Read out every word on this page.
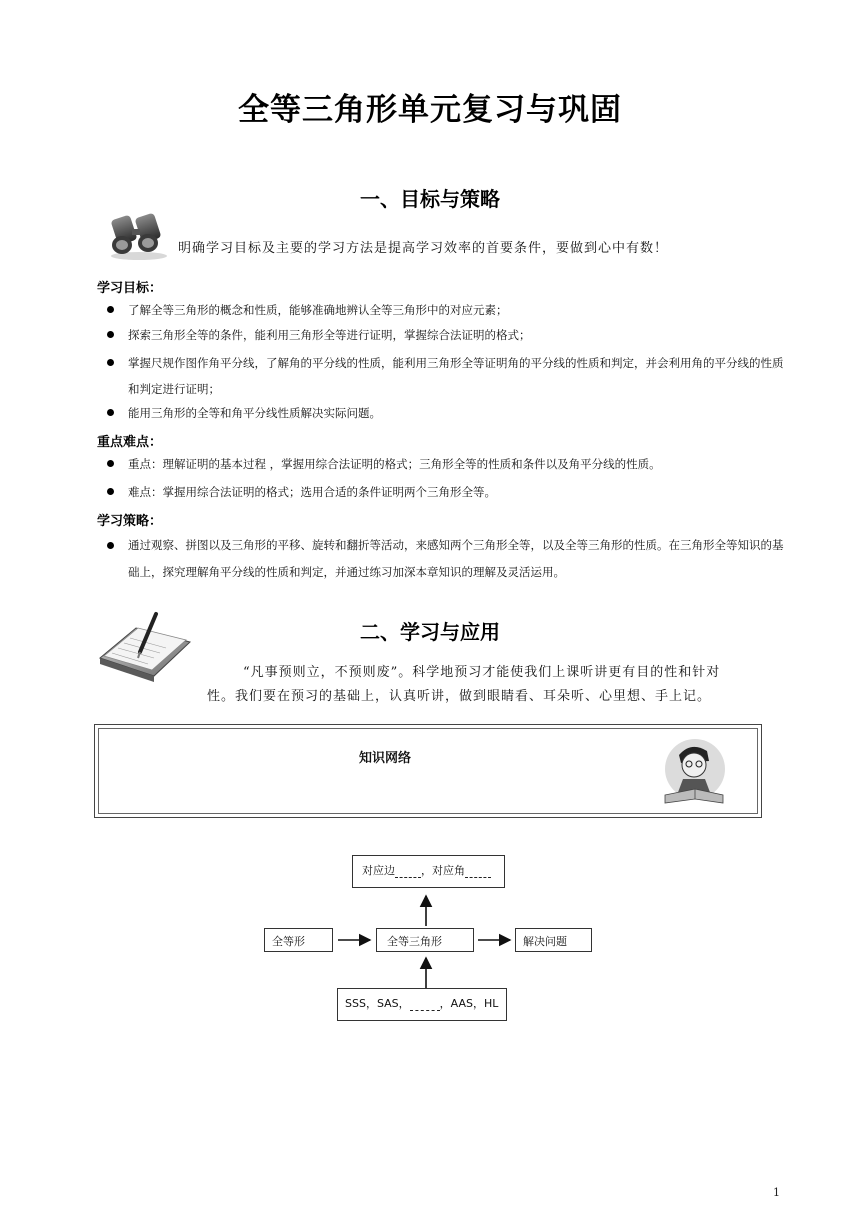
全等三角形单元复习与巩固
一、目标与策略
明确学习目标及主要的学习方法是提高学习效率的首要条件，要做到心中有数！
学习目标：
了解全等三角形的概念和性质，能够准确地辨认全等三角形中的对应元素；
探索三角形全等的条件，能利用三角形全等进行证明，掌握综合法证明的格式；
掌握尺规作图作角平分线，了解角的平分线的性质，能利用三角形全等证明角的平分线的性质和判定，并会利用角的平分线的性质和判定进行证明；
能用三角形的全等和角平分线性质解决实际问题。
重点难点：
重点：理解证明的基本过程 ，掌握用综合法证明的格式；三角形全等的性质和条件以及角平分线的性质。
难点：掌握用综合法证明的格式；选用合适的条件证明两个三角形全等。
学习策略：
通过观察、拼图以及三角形的平移、旋转和翻折等活动，来感知两个三角形全等，以及全等三角形的性质。在三角形全等知识的基础上，探究理解角平分线的性质和判定，并通过练习加深本章知识的理解及灵活运用。
二、学习与应用
“凡事预则立，不预则废”。科学地预习才能使我们上课听讲更有目的性和针对
性。我们要在预习的基础上，认真听讲，做到眼睛看、耳朵听、心里想、手上记。
知识网络
对应边 ，对应角
全等形	全等三角形	解决问题
SSS，SAS，	，AAS，HL
1
